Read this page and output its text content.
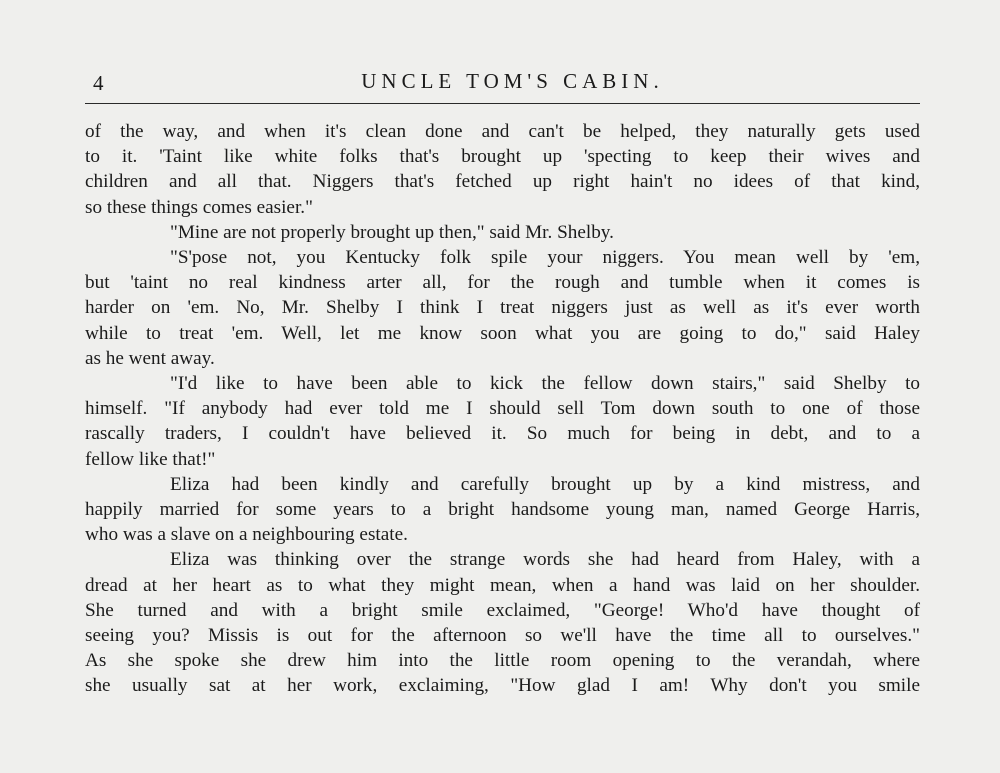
4	UNCLE TOM'S CABIN.
of the way, and when it's clean done and can't be helped, they naturally gets used
to it. 'Taint like white folks that's brought up 'specting to keep their wives and
children and all that. Niggers that's fetched up right hain't no idees of that kind,
so these things comes easier."
"Mine are not properly brought up then," said Mr. Shelby.
"S'pose not, you Kentucky folk spile your niggers. You mean well by 'em,
but 'taint no real kindness arter all, for the rough and tumble when it comes is
harder on 'em. No, Mr. Shelby I think I treat niggers just as well as it's ever worth
while to treat 'em. Well, let me know soon what you are going to do," said Haley
as he went away.
"I'd like to have been able to kick the fellow down stairs," said Shelby to
himself. "If anybody had ever told me I should sell Tom down south to one of those
rascally traders, I couldn't have believed it. So much for being in debt, and to a
fellow like that!"
Eliza had been kindly and carefully brought up by a kind mistress, and
happily married for some years to a bright handsome young man, named George Harris,
who was a slave on a neighbouring estate.
Eliza was thinking over the strange words she had heard from Haley, with a
dread at her heart as to what they might mean, when a hand was laid on her shoulder.
She turned and with a bright smile exclaimed, "George! Who'd have thought of
seeing you? Missis is out for the afternoon so we'll have the time all to ourselves."
As she spoke she drew him into the little room opening to the verandah, where
she usually sat at her work, exclaiming, "How glad I am! Why don't you smile
